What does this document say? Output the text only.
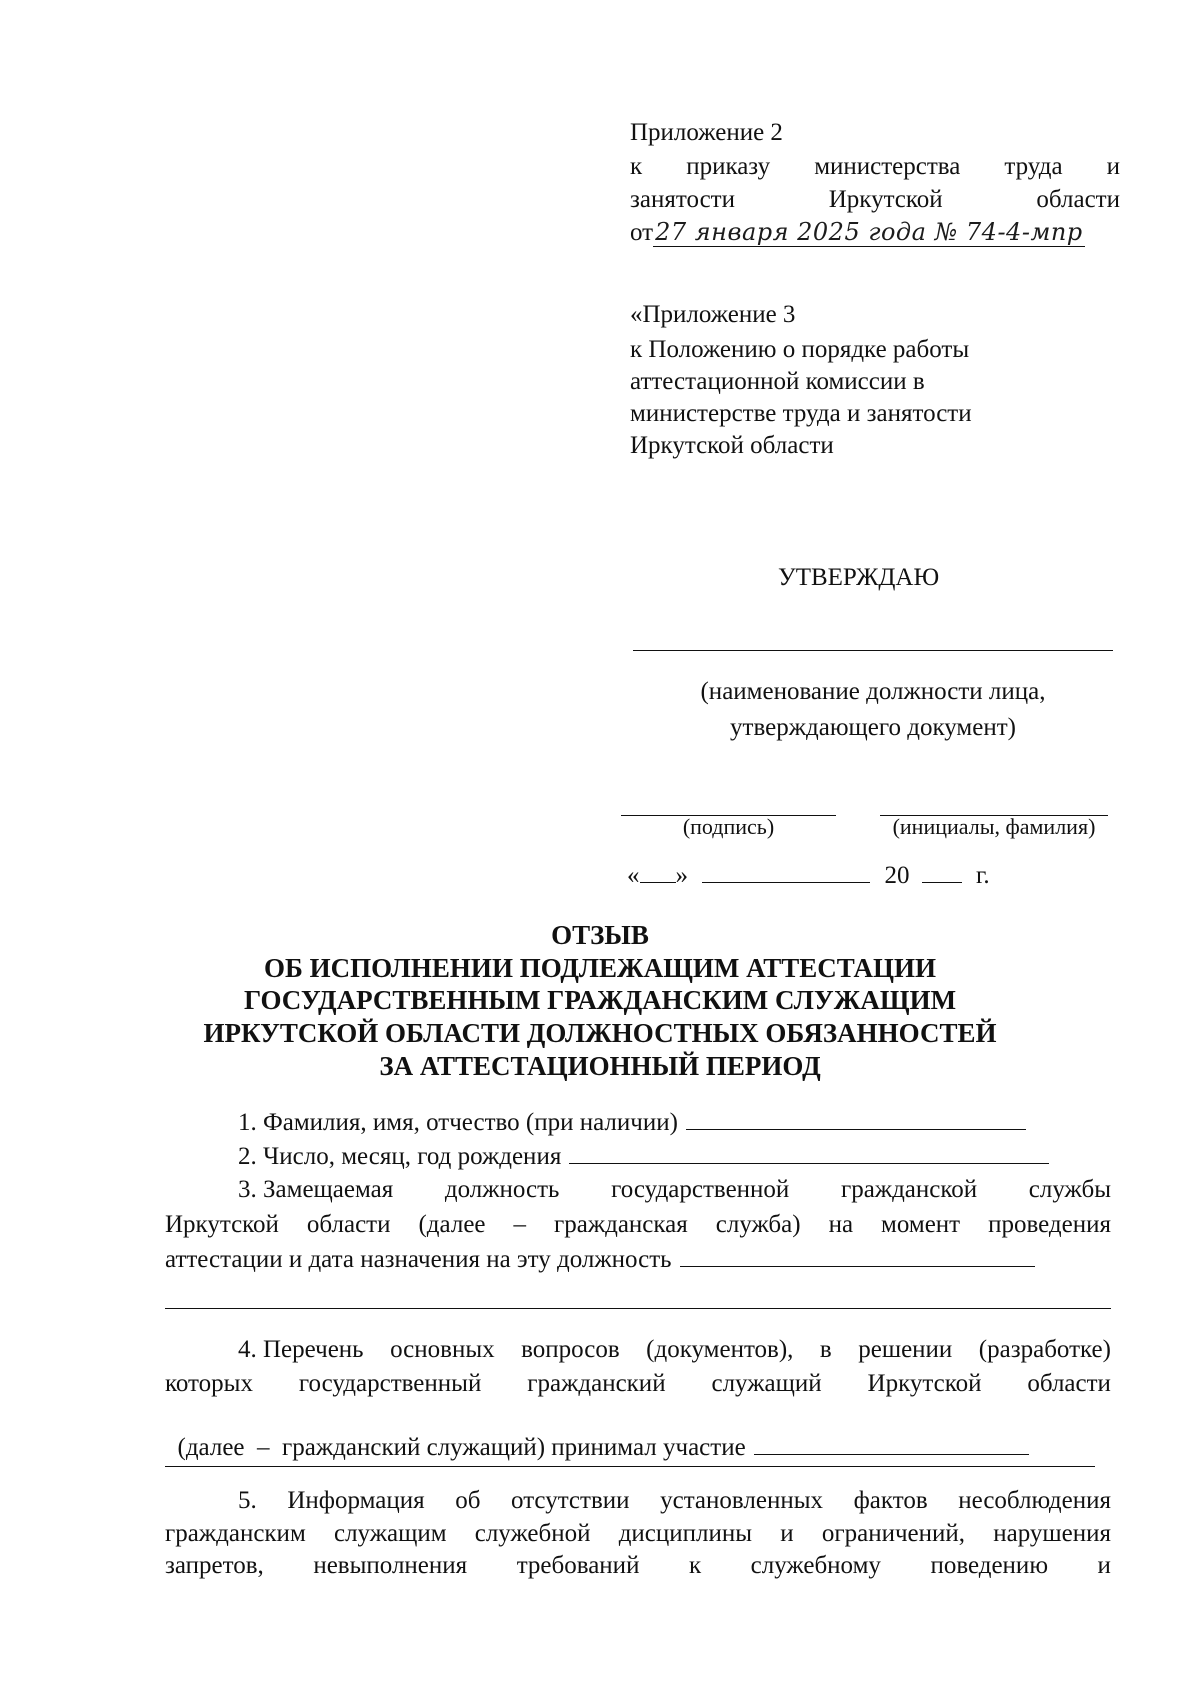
Приложение 2
к приказу министерства труда и
занятости	Иркутской	области
от27 января 2025 года № 74-4-мпр
«Приложение 3
к Положению о порядке работы
аттестационной комиссии в
министерстве труда и занятости
Иркутской области
УТВЕРЖДАЮ
(наименование должности лица,
утверждающего документ)
(подпись)	(инициалы, фамилия)
« »	20	г.
ОТЗЫВ
ОБ ИСПОЛНЕНИИ ПОДЛЕЖАЩИМ АТТЕСТАЦИИ
ГОСУДАРСТВЕННЫМ ГРАЖДАНСКИМ СЛУЖАЩИМ
ИРКУТСКОЙ ОБЛАСТИ ДОЛЖНОСТНЫХ ОБЯЗАННОСТЕЙ
ЗА АТТЕСТАЦИОННЫЙ ПЕРИОД
1. Фамилия, имя, отчество (при наличии)
2. Число, месяц, год рождения
3. Замещаемая должность государственной гражданской службы
Иркутской области (далее – гражданская служба) на момент проведения
аттестации и дата назначения на эту должность
4. Перечень основных вопросов (документов), в решении (разработке)
которых государственный гражданский служащий Иркутской области

(далее  –  гражданский служащий) принимал участие

5. Информация об отсутствии установленных фактов несоблюдения
гражданским служащим служебной дисциплины и ограничений, нарушения
запретов, невыполнения требований к служебному поведению и
